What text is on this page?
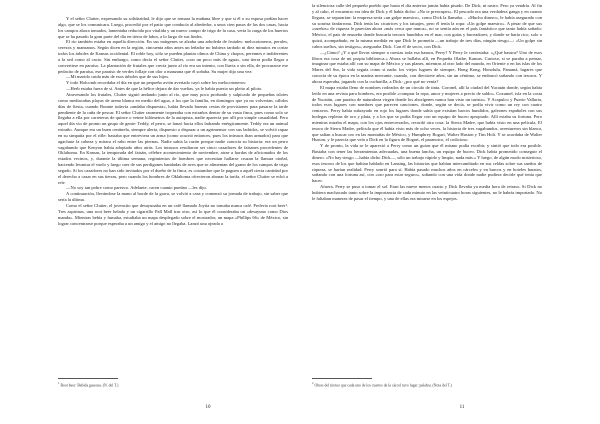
Y el señor Clutter, expresando su solidaridad, le dijo que se tomara la mañana libre y que si él o su esposa podían hacer algo, que se los comunicara. Luego, procedió por el patio que conducía al alrededor, a unos cien pasos de las dos casas, hacia los campos ahora tomados, lamentaba reducida por vitalida y un nuevo campo de trigo de la casa, vería la carga de los huertos que se ha pasado la gran parte del día en tierra de labor, a lo largo de sus lindes.

El río también estaba en aquella dirección. En sus márgenes se alzaba una arboleda de frutales: melocotoneros, perales, cerezos y manzanos. Según dicen en la región, cincuenta años antes un leñador no hubiera tardado ni diez minutos en cortar todos los árboles de Kansas occidental. El roble hoy, sólo se pueden plantar olmos de China y chopos, perennes e indiferentes a la sed como al cacto. Sin embargo, como decía el señor Clutter, «con un poco más de agua», una tierra podía llegar a convertirse en paraíso. La plantación de frutales que crecía junto al río era un intento, con lluvia o sin ella, de procurarse ese pedacito de paraíso, ese paraíso de verdes follaje con olor a manzana que él soñaba. Su mujer dijo una vez:

—Mi marido cuida más de esos árboles que de sus hijos.

Y todo Holcomb recordaba el día en que un pequeño avión averiado cayó sobre los melocotoneros:

—Herb estaba fuera de sí. Antes de que la hélice dejara de dar vueltas, ya le había puesto un pleito al piloto.

Atravesando los frutales, Clutter siguió andando junto al río, que muy poco profundo y salpicado de pequeñas islotes como mediacañas playas de arena blanca en medio del agua, a los que la familia, en domingos que ya no volverían, cálidos días de fiesta, cuando Bonnie todavía «andaba dispuesta», había llevado buenas cestas de provisiones para pasarse la tarde pendiente de la caña de pescar. El señor Clutter raramente tropezaba con extraños dentro de su vasta finca, pues como solo se llegaba a ella por carreteras de quince o veinte kilómetros de la autopista, nadie aparecía por allí por simple casualidad. Pero aquel día vio de pronto un grupo de gente: Teddy, el perro, se lanzó hacia ellos ladrando enérgicamente. Teddy era un animal extraño. Aunque era un buen centinela, siempre alerta, dispuesto a disparar a un agrimensor con sus ladridos, se volvió rapaz en su simpatía por el rifle: bastaba que entreviera un arma (como ocurrió entonces, pues los intrusos iban armados) para que agachase la cabeza y mirara el rabo entre las piernas. Nadie sabía la razón porque nadie conocía su historia: era un perro vagabundo que Kenyon había adoptado años atrás. Los intrusos resultaron ser cinco cazadores de faisanes procedentes de Oklahoma. En Kansas, la temporada del faisán, célebre acontecimiento de noviembre, atrae a hordas de aficionados de los estados vecinos, y, durante la última semana, regimientos de hombres que necesitan hallarse cruzan la llanura otoñal, haciendo levantar el vuelo y luego caer de sus perdigones bandadas de aves que se alimentan del grano de los campos de trigo segado. Si los cazadores no han sido invitados por el dueño de la finca, es costumbre que le paguen a aquél cierta cantidad por el derecho a cazar en sus tierras, pero cuando los hombres de Oklahoma ofrecieron abonar la tarifa, el señor Clutter se echó a reír:

—No soy tan pobre como parezco. Adelante, cacen cuanto puedan —les dijo.

A continuación, llevándose la mano al borde de la gorra, se volvió a casa y comenzó su jornada de trabajo, sin saber que sería la última.

Como el señor Clutter, el jovencito que desayunaba en un café llamado Joyita no tomaba nunca café. Prefería root beer¹. Tres aspirinas, una root beer helada y un cigarrillo Pall Mall tras otro, así lo que él consideraba un «desayuno como Dios manda». Mientras bebía y fumaba, estudiaba un mapa desplegado sobre el mostrador, un mapa «Phillips 66» de México, sin lograr concentrarse porque esperaba a un amigo y el amigo no llegaba. Lanzó una ojeada a

$^1$ Root beer: Bebida gaseosa. (N. del T.)
10

la silenciosa calle del pequeño pueblo que hasta el día anterior jamás había pisado. De Dick, ni rastro. Pero ya vendría. Al fin y al cabo, el encuentro era idea de Dick y él había dicho: «No te preocupes». El pescado era una verdadera ganga y en cuanto llegara, se separarían: la empresa sería «un golpe maestro», como Dick la llamaba… «Mucho dinero», le había asegurado con su sonrisa fanfarrona. Dick tenía las cicatrices y los tatuajes, pero él tenía la ropa: «Un golpe maestro». A pesar de que sus «sueños» de riqueza le parecían ahora «más cerca que nunca», no se sentía aún en el país fantástico que tanto había soñado: México, el país de ensueño donde buscaría tesoros hundidos en el mar, con guías y buceadores; y donde se haría rico, solo o quizá, acompañado, en la misma medida en que Dick le prometía —un trabajo de tres días, ningún riesgo—: «Un golpe sin cabos sueltos, sin testigos», aseguraba Dick. Con él de socio, con Dick.

—¿Cómo? ¿Y a qué llevas siempre a cuestas toda esa basura, Perry? Y Perry le contestaba: «¿Qué basura? Uno de esos libros era cosa de mi propia biblioteca.» Ahora se hallaba allí, en Pequeña Olathe, Kansas. Curioso, si se paraba a pensar, imaginar que estaba allí con su mapa de México y sus planes, mientras al otro lado del mundo, en Oriente o en las islas de los Mares del Sur, la vida seguía como si nada: los viejos lugares de siempre, Hong Kong, Honolulu, Panamá, lugares que conocía de su época en la marina mercante, cuando, con diecisiete años, sin un céntimo, se embarcó soñando con tesoros. Y ahora esperaba, jugando con la cucharilla, a Dick: ¿por qué no venía?

El mapa estaba lleno de nombres rodeados de un círculo de tinta. Coronel, allí la ciudad del Yucatán donde, según había leído en una revista para hombres, era posible «comprar la ropa, amor y mujeres a precio de saldo». Cozumel, isla en la costa de Yucatán, «un paraíso de naturaleza virgen donde los aborígenes nunca han visto un turista». Y Acapulco y Puerto Vallarta, todos esos lugares con nombres que parecen canciones, donde, según se decía, se podía vivir como un rey con cuatro centavos. Perry había subrayado en rojo los lugares donde sabía que existían barcos hundidos, galeones españoles con sus bodegas repletas de oro y plata, y a los que se podía llegar con un equipo de buceo apropiado. Allí estaba su fortuna. Pero mientras miraba el mapa, con los ojos entrecerrados, recordó otra cosa: la Sierra Madre, que había visto en una película, El tesoro de Sierra Madre, película que él había visto más de ocho veces, la historia de tres vagabundos, aventureros sin blanca, que salían a buscar oro en las montañas de México, y Humphrey Bogart, Walter Huston y Tim Holt. Y se acordaba de Walter Huston, y le parecía que veía a Dick en la figura de Bogart, el paranoico, el codicioso.

Y de pronto, la vida se le apareció a Perry como un guion que él mismo podía escribir, y sintió que todo era posible. Bastaba con tener las herramientas adecuadas, una buena lancha, un equipo de buceo. Dick había prometido conseguir el dinero. «No hay riesgo —había dicho Dick—, sólo un trabajo rápido y limpio, nada más.» Y luego, de algún modo misterioso, esos tesoros de los que habían hablado en Lansing, las historias que habían intercambiado en sus celdas sobre sus sueños de riqueza, se harían realidad. Perry sonrió para sí. Había pasado muchos años en cárceles y en barcos y en hoteles baratos, soñando con una fortuna así, con «oro para estar seguro», soñando con una vida donde nadie pudiera decirle qué tenía que hacer.

Afuera, Perry se puso a tomar el sol. Eran las nueve menos cuarto y Dick llevaba ya media hora de retraso. Si Dick no hubiera machacado tanto sobre la importancia de cada minuto en las veinticuatro horas siguientes, no le habría importado. No le faltaban maneras de pasar el tiempo, y una de ellas era mirarse en los espejos.

$^2$ Obras del tiroteo que cada uno de los cuartos de la cárcel tuvo lugar: palabra. (Nota del T.)
11
